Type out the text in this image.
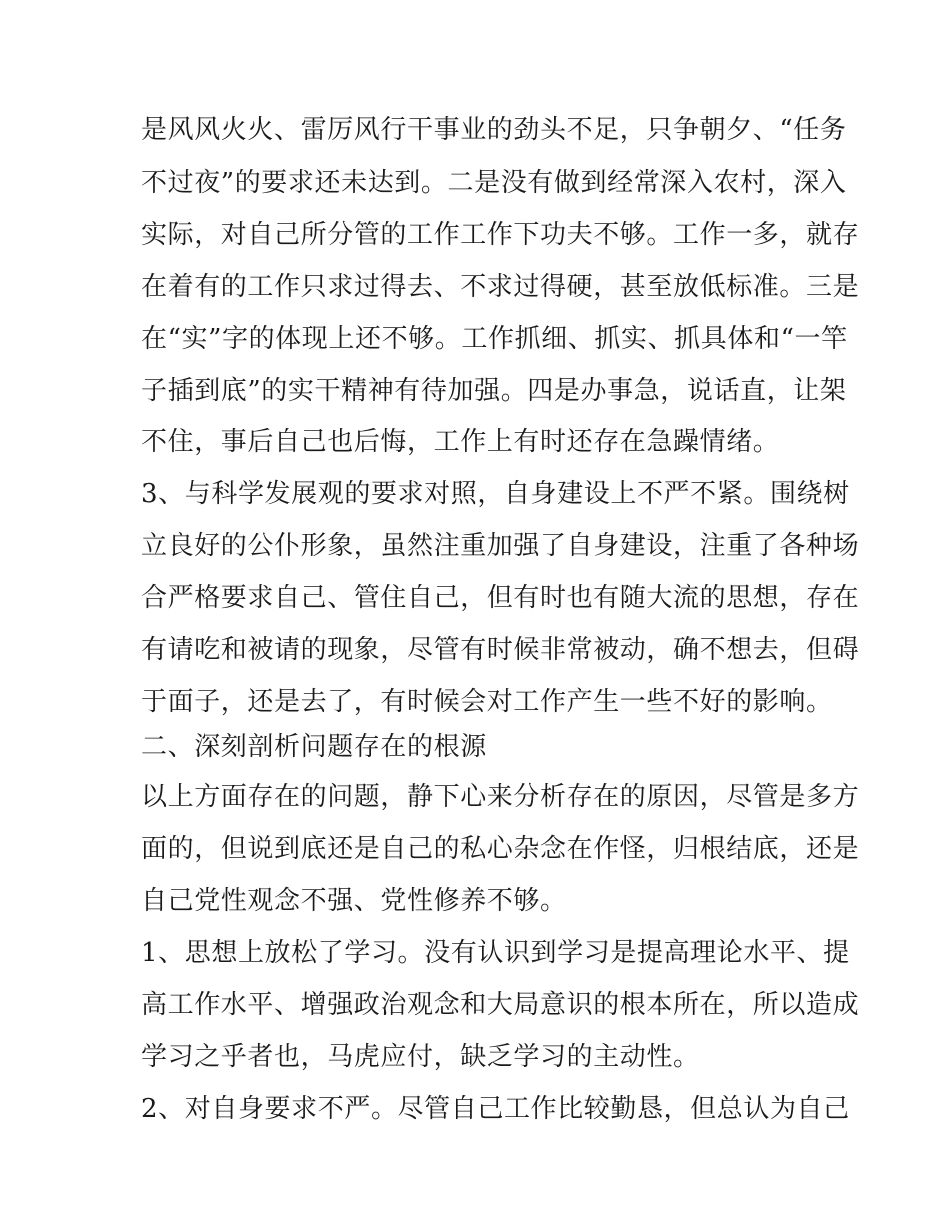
是风风火火、雷厉风行干事业的劲头不足，只争朝夕、“任务
不过夜”的要求还未达到。二是没有做到经常深入农村，深入
实际，对自己所分管的工作工作下功夫不够。工作一多，就存
在着有的工作只求过得去、不求过得硬，甚至放低标准。三是
在“实”字的体现上还不够。工作抓细、抓实、抓具体和“一竿
子插到底”的实干精神有待加强。四是办事急，说话直，让架
不住，事后自己也后悔，工作上有时还存在急躁情绪。
3、与科学发展观的要求对照，自身建设上不严不紧。围绕树
立良好的公仆形象，虽然注重加强了自身建设，注重了各种场
合严格要求自己、管住自己，但有时也有随大流的思想，存在
有请吃和被请的现象，尽管有时候非常被动，确不想去，但碍
于面子，还是去了，有时候会对工作产生一些不好的影响。
二、深刻剖析问题存在的根源
以上方面存在的问题，静下心来分析存在的原因，尽管是多方
面的，但说到底还是自己的私心杂念在作怪，归根结底，还是
自己党性观念不强、党性修养不够。
1、思想上放松了学习。没有认识到学习是提高理论水平、提
高工作水平、增强政治观念和大局意识的根本所在，所以造成
学习之乎者也，马虎应付，缺乏学习的主动性。
2、对自身要求不严。尽管自己工作比较勤恳，但总认为自己
